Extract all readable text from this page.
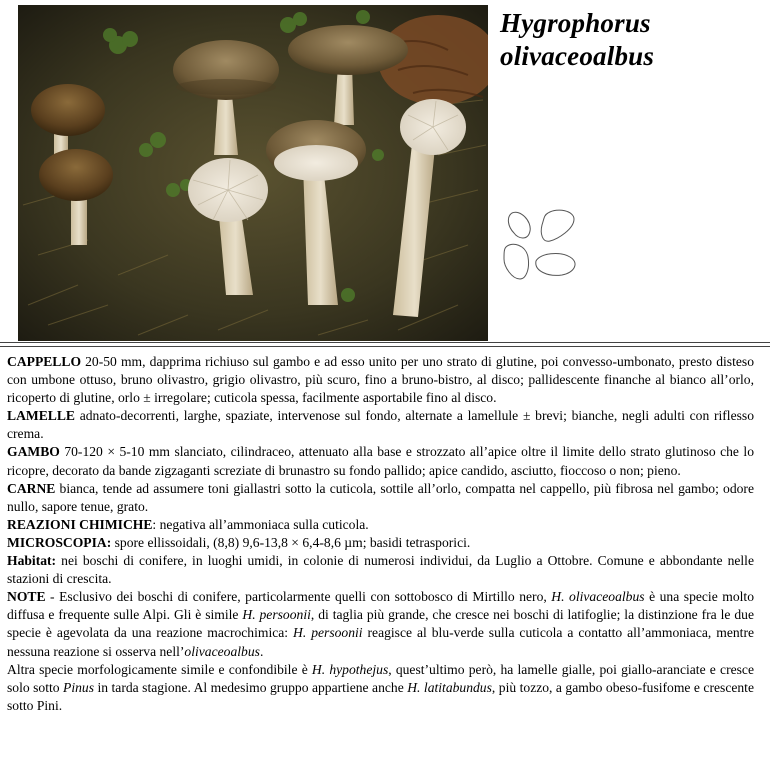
Hygrophorus
olivaceoalbus

CAPPELLO 20-50 mm, dapprima richiuso sul gambo e ad esso unito per uno strato di glutine, poi convesso-umbonato, presto disteso con umbone ottuso, bruno olivastro, grigio olivastro, più scuro, fino a bruno-bistro, al disco; pallidescente finanche al bianco all’orlo, ricoperto di glutine, orlo ± irregolare; cuticola spessa, facilmente asportabile fino al disco.

LAMELLE adnato-decorrenti, larghe, spaziate, intervenose sul fondo, alternate a lamellule ± brevi; bianche, negli adulti con riflesso crema.

GAMBO 70-120 × 5-10 mm slanciato, cilindraceo, attenuato alla base e strozzato all’apice oltre il limite dello strato glutinoso che lo ricopre, decorato da bande zigzaganti screziate di brunastro su fondo pallido; apice candido, asciutto, fioccoso o non; pieno.

CARNE bianca, tende ad assumere toni giallastri sotto la cuticola, sottile all’orlo, compatta nel cappello, più fibrosa nel gambo; odore nullo, sapore tenue, grato.

REAZIONI CHIMICHE: negativa all’ammoniaca sulla cuticola.

MICROSCOPIA: spore ellissoidali, (8,8) 9,6-13,8 × 6,4-8,6 µm; basidi tetrasporici.

Habitat: nei boschi di conifere, in luoghi umidi, in colonie di numerosi individui, da Luglio a Ottobre. Comune e abbondante nelle stazioni di crescita.

NOTE - Esclusivo dei boschi di conifere, particolarmente quelli con sottobosco di Mirtillo nero, H. olivaceoalbus è una specie molto diffusa e frequente sulle Alpi. Gli è simile H. persoonii, di taglia più grande, che cresce nei boschi di latifoglie; la distinzione fra le due specie è agevolata da una reazione macrochimica: H. persoonii reagisce al blu-verde sulla cuticola a contatto all’ammoniaca, mentre nessuna reazione si osserva nell’olivaceoalbus.

Altra specie morfologicamente simile e confondibile è H. hypothejus, quest’ultimo però, ha lamelle gialle, poi giallo-aranciate e cresce solo sotto Pinus in tarda stagione. Al medesimo gruppo appartiene anche H. latitabundus, più tozzo, a gambo obeso-fusifome e crescente sotto Pini.
